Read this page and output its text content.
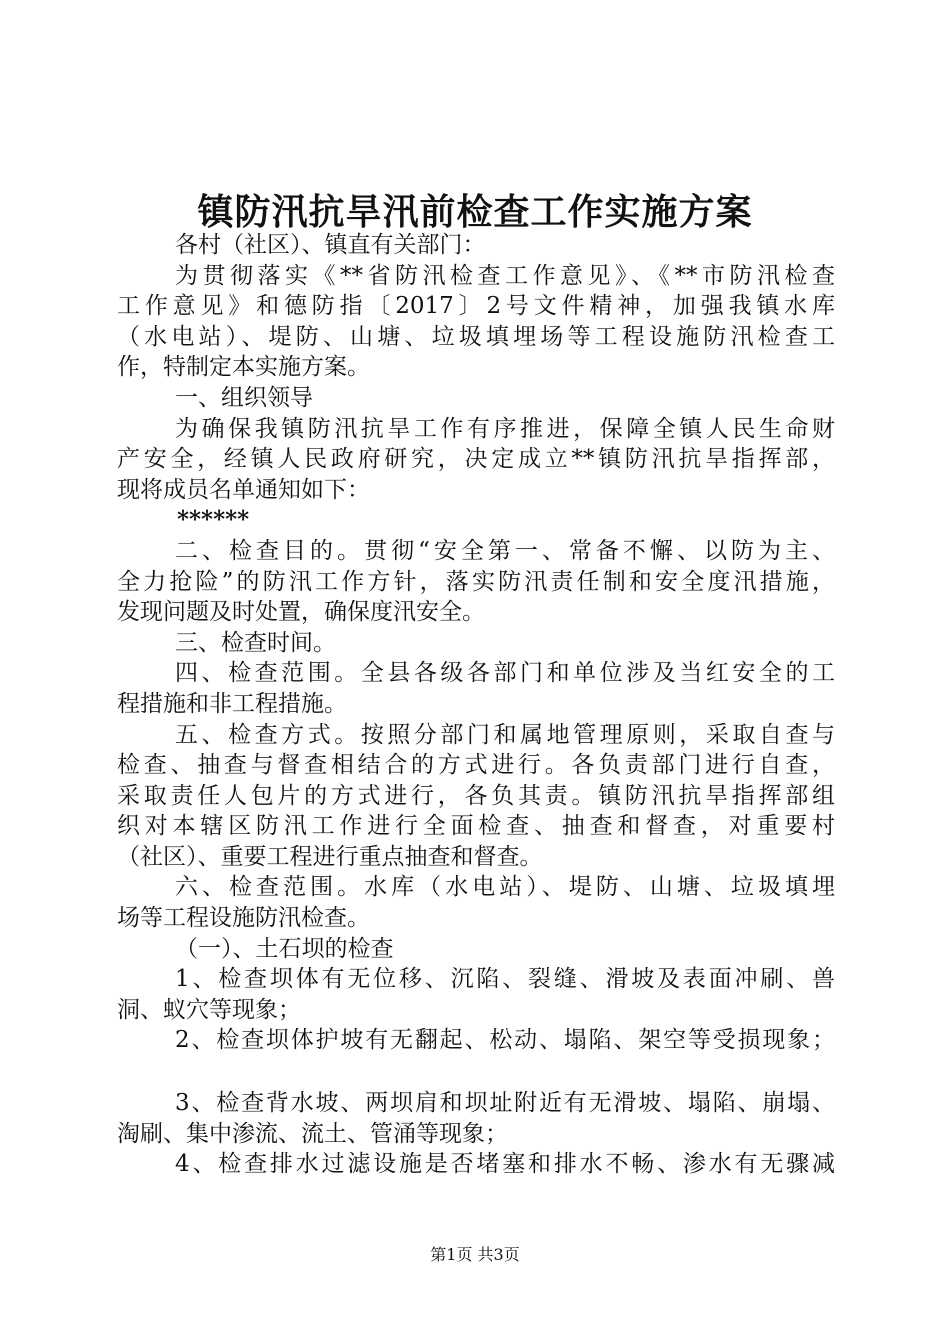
镇防汛抗旱汛前检查工作实施方案
各村（社区）、镇直有关部门：
为贯彻落实《**省防汛检查工作意见》、《**市防汛检查
工作意见》和德防指〔2017〕2号文件精神，加强我镇水库
（水电站）、堤防、山塘、垃圾填埋场等工程设施防汛检查工
作，特制定本实施方案。
一、组织领导
为确保我镇防汛抗旱工作有序推进，保障全镇人民生命财
产安全，经镇人民政府研究，决定成立**镇防汛抗旱指挥部，
现将成员名单通知如下：
******
二、检查目的。贯彻“安全第一、常备不懈、以防为主、
全力抢险”的防汛工作方针，落实防汛责任制和安全度汛措施，
发现问题及时处置，确保度汛安全。
三、检查时间。
四、检查范围。全县各级各部门和单位涉及当红安全的工
程措施和非工程措施。
五、检查方式。按照分部门和属地管理原则，采取自查与
检查、抽查与督查相结合的方式进行。各负责部门进行自查，
采取责任人包片的方式进行，各负其责。镇防汛抗旱指挥部组
织对本辖区防汛工作进行全面检查、抽查和督查，对重要村
（社区）、重要工程进行重点抽查和督查。
六、检查范围。水库（水电站）、堤防、山塘、垃圾填埋
场等工程设施防汛检查。
（一）、土石坝的检查
1、检查坝体有无位移、沉陷、裂缝、滑坡及表面冲刷、兽
洞、蚁穴等现象；
2、检查坝体护坡有无翻起、松动、塌陷、架空等受损现象；
3、检查背水坡、两坝肩和坝址附近有无滑坡、塌陷、崩塌、
淘刷、集中渗流、流土、管涌等现象；
4、检查排水过滤设施是否堵塞和排水不畅、渗水有无骤减
第1页 共3页
